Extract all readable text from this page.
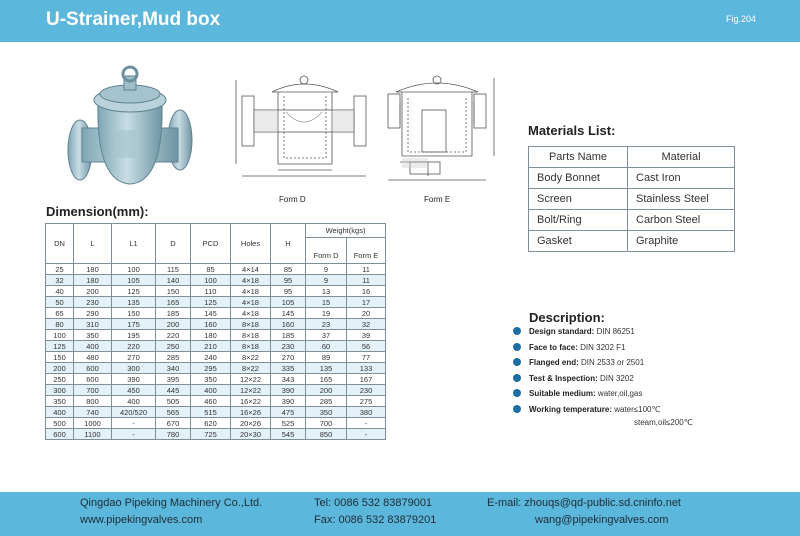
U-Strainer,Mud box	Fig.204
Form D	Form E
Dimension(mm):
DN	L	L1	D	PCD	Holes	H	Weight(kgs)	
							Form D	Form E
25	180	100	115	85	4×14	85	9	11
32	180	105	140	100	4×18	95	9	11
40	200	125	150	110	4×18	95	13	16
50	230	135	165	125	4×18	105	15	17
65	290	150	185	145	4×18	145	19	20
80	310	175	200	160	8×18	160	23	32
100	350	195	220	180	8×18	185	37	39
125	400	220	250	210	8×18	230	60	56
150	480	270	285	240	8×22	270	89	77
200	600	300	340	295	8×22	335	135	133
250	600	390	395	350	12×22	343	165	167
300	700	450	445	400	12×22	390	200	230
350	800	400	505	460	16×22	390	285	275
400	740	420/520	565	515	16×26	475	350	380
500	1000	-	670	620	20×26	525	700	-
600	1100	-	780	725	20×30	545	850	-
Materials List:
Parts Name	Material
Body Bonnet	Cast Iron
Screen	Stainless Steel
Bolt/Ring	Carbon Steel
Gasket	Graphite
Description:
Design standard: DIN 86251
Face to face: DIN 3202 F1
Flanged end: DIN 2533 or 2501
Test & Inspection: DIN 3202
Suitable medium: water,oil,gas
Working temperature: water≤100℃
steam,oil≤200℃
Qingdao Pipeking Machinery Co.,Ltd.
www.pipekingvalves.com
Tel: 0086 532 83879001
Fax: 0086 532 83879201
E-mail: zhouqs@qd-public.sd.cninfo.net
wang@pipekingvalves.com
